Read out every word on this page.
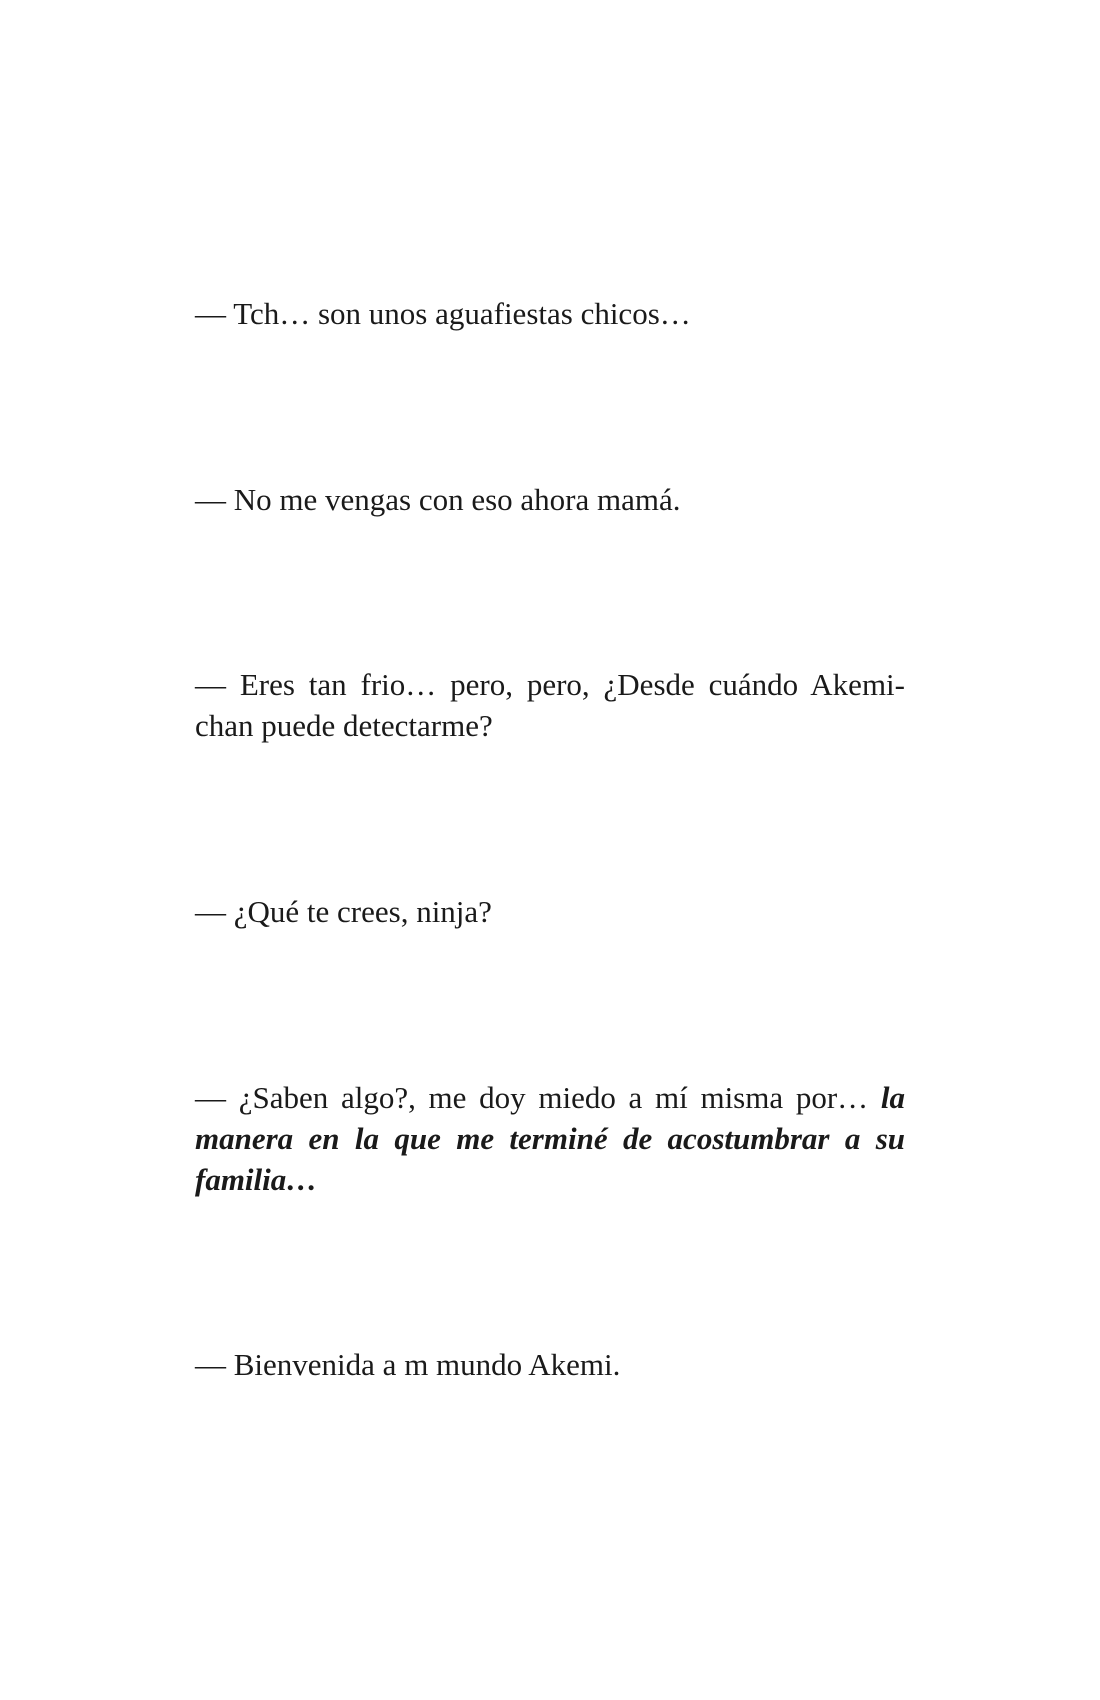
— Tch… son unos aguafiestas chicos…

— No me vengas con eso ahora mamá.

— Eres tan frio… pero, pero, ¿Desde cuándo Akemi-chan puede detectarme?

— ¿Qué te crees, ninja?

— ¿Saben algo?, me doy miedo a mí misma por… la manera en la que me terminé de acostumbrar a su familia…

— Bienvenida a m mundo Akemi.
